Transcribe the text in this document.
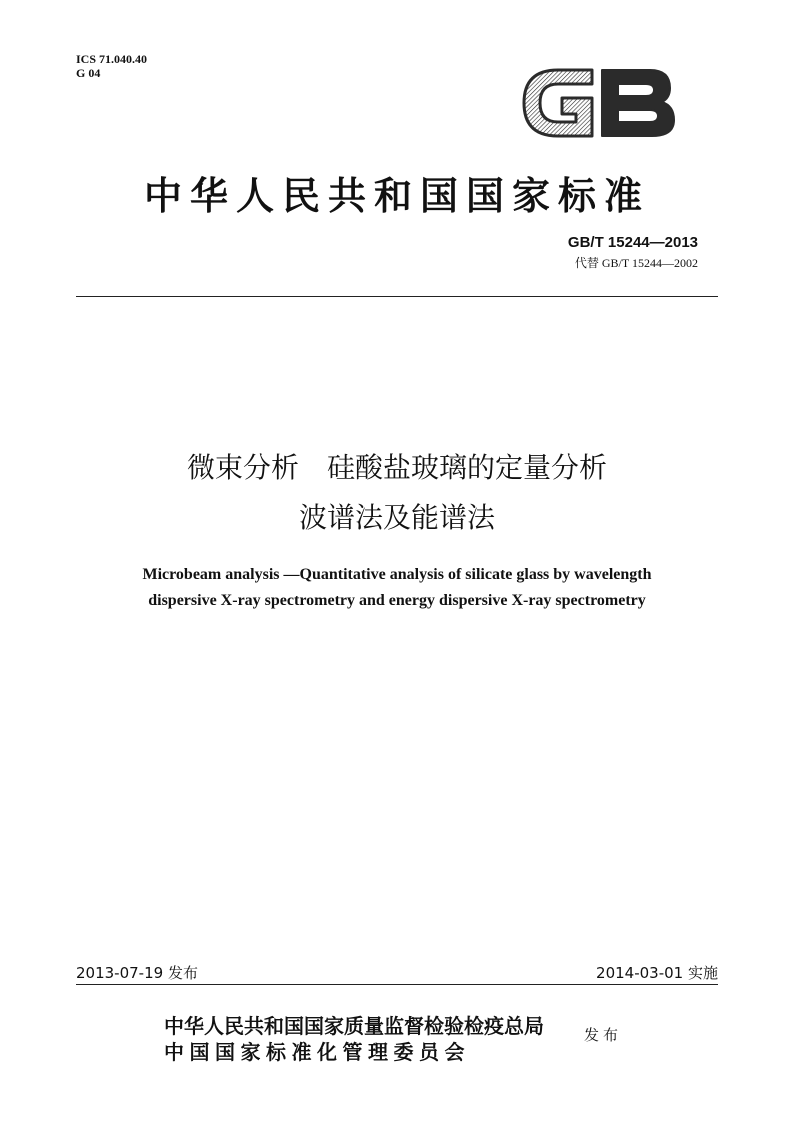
ICS 71.040.40
G 04
中华人民共和国国家标准
GB/T 15244—2013
代替 GB/T 15244—2002
微束分析　硅酸盐玻璃的定量分析
波谱法及能谱法
Microbeam analysis —Quantitative analysis of silicate glass by wavelength
dispersive X-ray spectrometry and energy dispersive X-ray spectrometry
2013-07-19 发布	2014-03-01 实施
中华人民共和国国家质量监督检验检疫总局
中国国家标准化管理委员会
发布
